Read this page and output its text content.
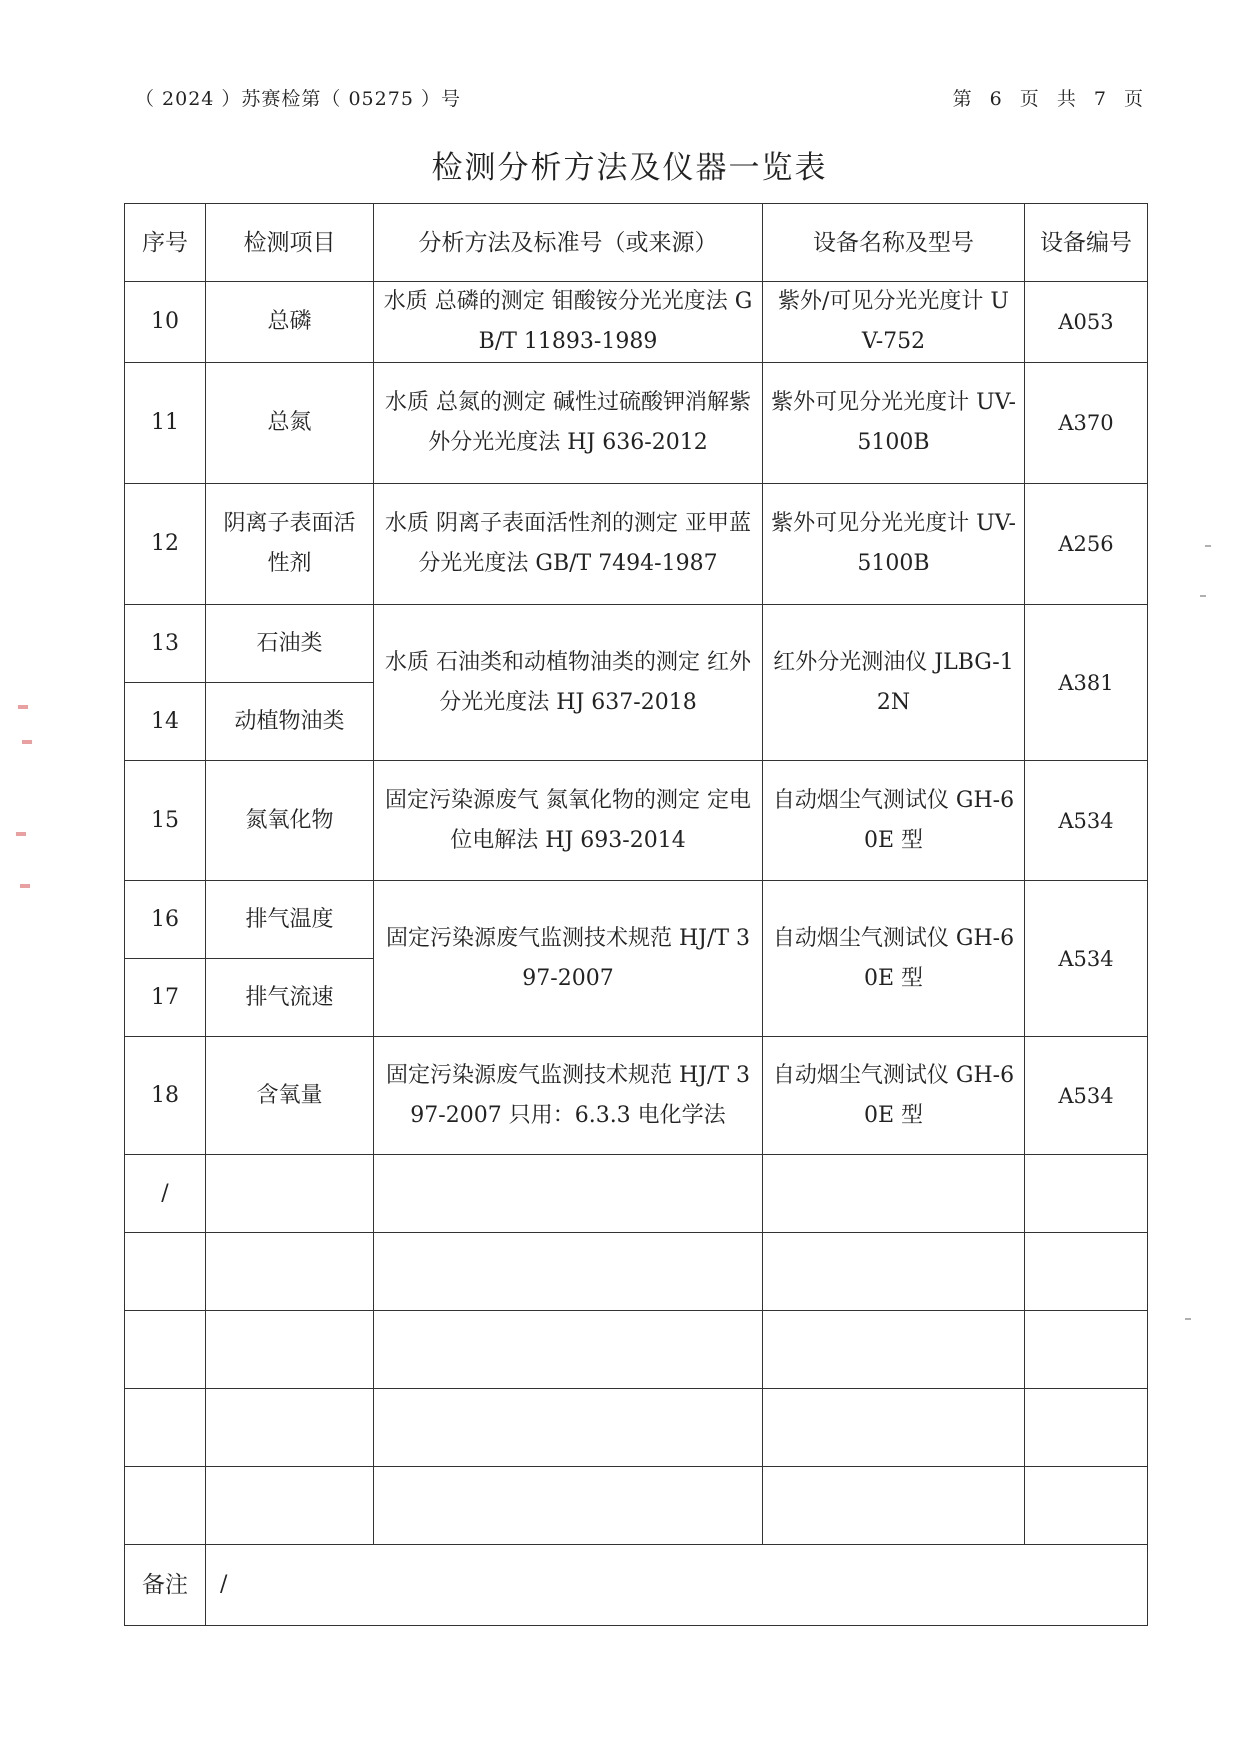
（ 2024 ）苏赛检第（ 05275 ）号	第 6 页 共 7 页
检测分析方法及仪器一览表
序号	检测项目	分析方法及标准号（或来源）	设备名称及型号	设备编号
10	总磷	水质 总磷的测定 钼酸铵分光光度法 GB/T 11893-1989	紫外/可见分光光度计 UV-752	A053
11	总氮	水质 总氮的测定 碱性过硫酸钾消解紫外分光光度法 HJ 636-2012	紫外可见分光光度计 UV-5100B	A370
12	阴离子表面活性剂	水质 阴离子表面活性剂的测定 亚甲蓝分光光度法 GB/T 7494-1987	紫外可见分光光度计 UV-5100B	A256
13	石油类	水质 石油类和动植物油类的测定 红外分光光度法 HJ 637-2018	红外分光测油仪 JLBG-12N	A381
14	动植物油类			
15	氮氧化物	固定污染源废气 氮氧化物的测定 定电位电解法 HJ 693-2014	自动烟尘气测试仪 GH-60E 型	A534
16	排气温度	固定污染源废气监测技术规范 HJ/T 397-2007	自动烟尘气测试仪 GH-60E 型	A534
17	排气流速			
18	含氧量	固定污染源废气监测技术规范 HJ/T 397-2007 只用：6.3.3 电化学法	自动烟尘气测试仪 GH-60E 型	A534
/				

备注	/			
